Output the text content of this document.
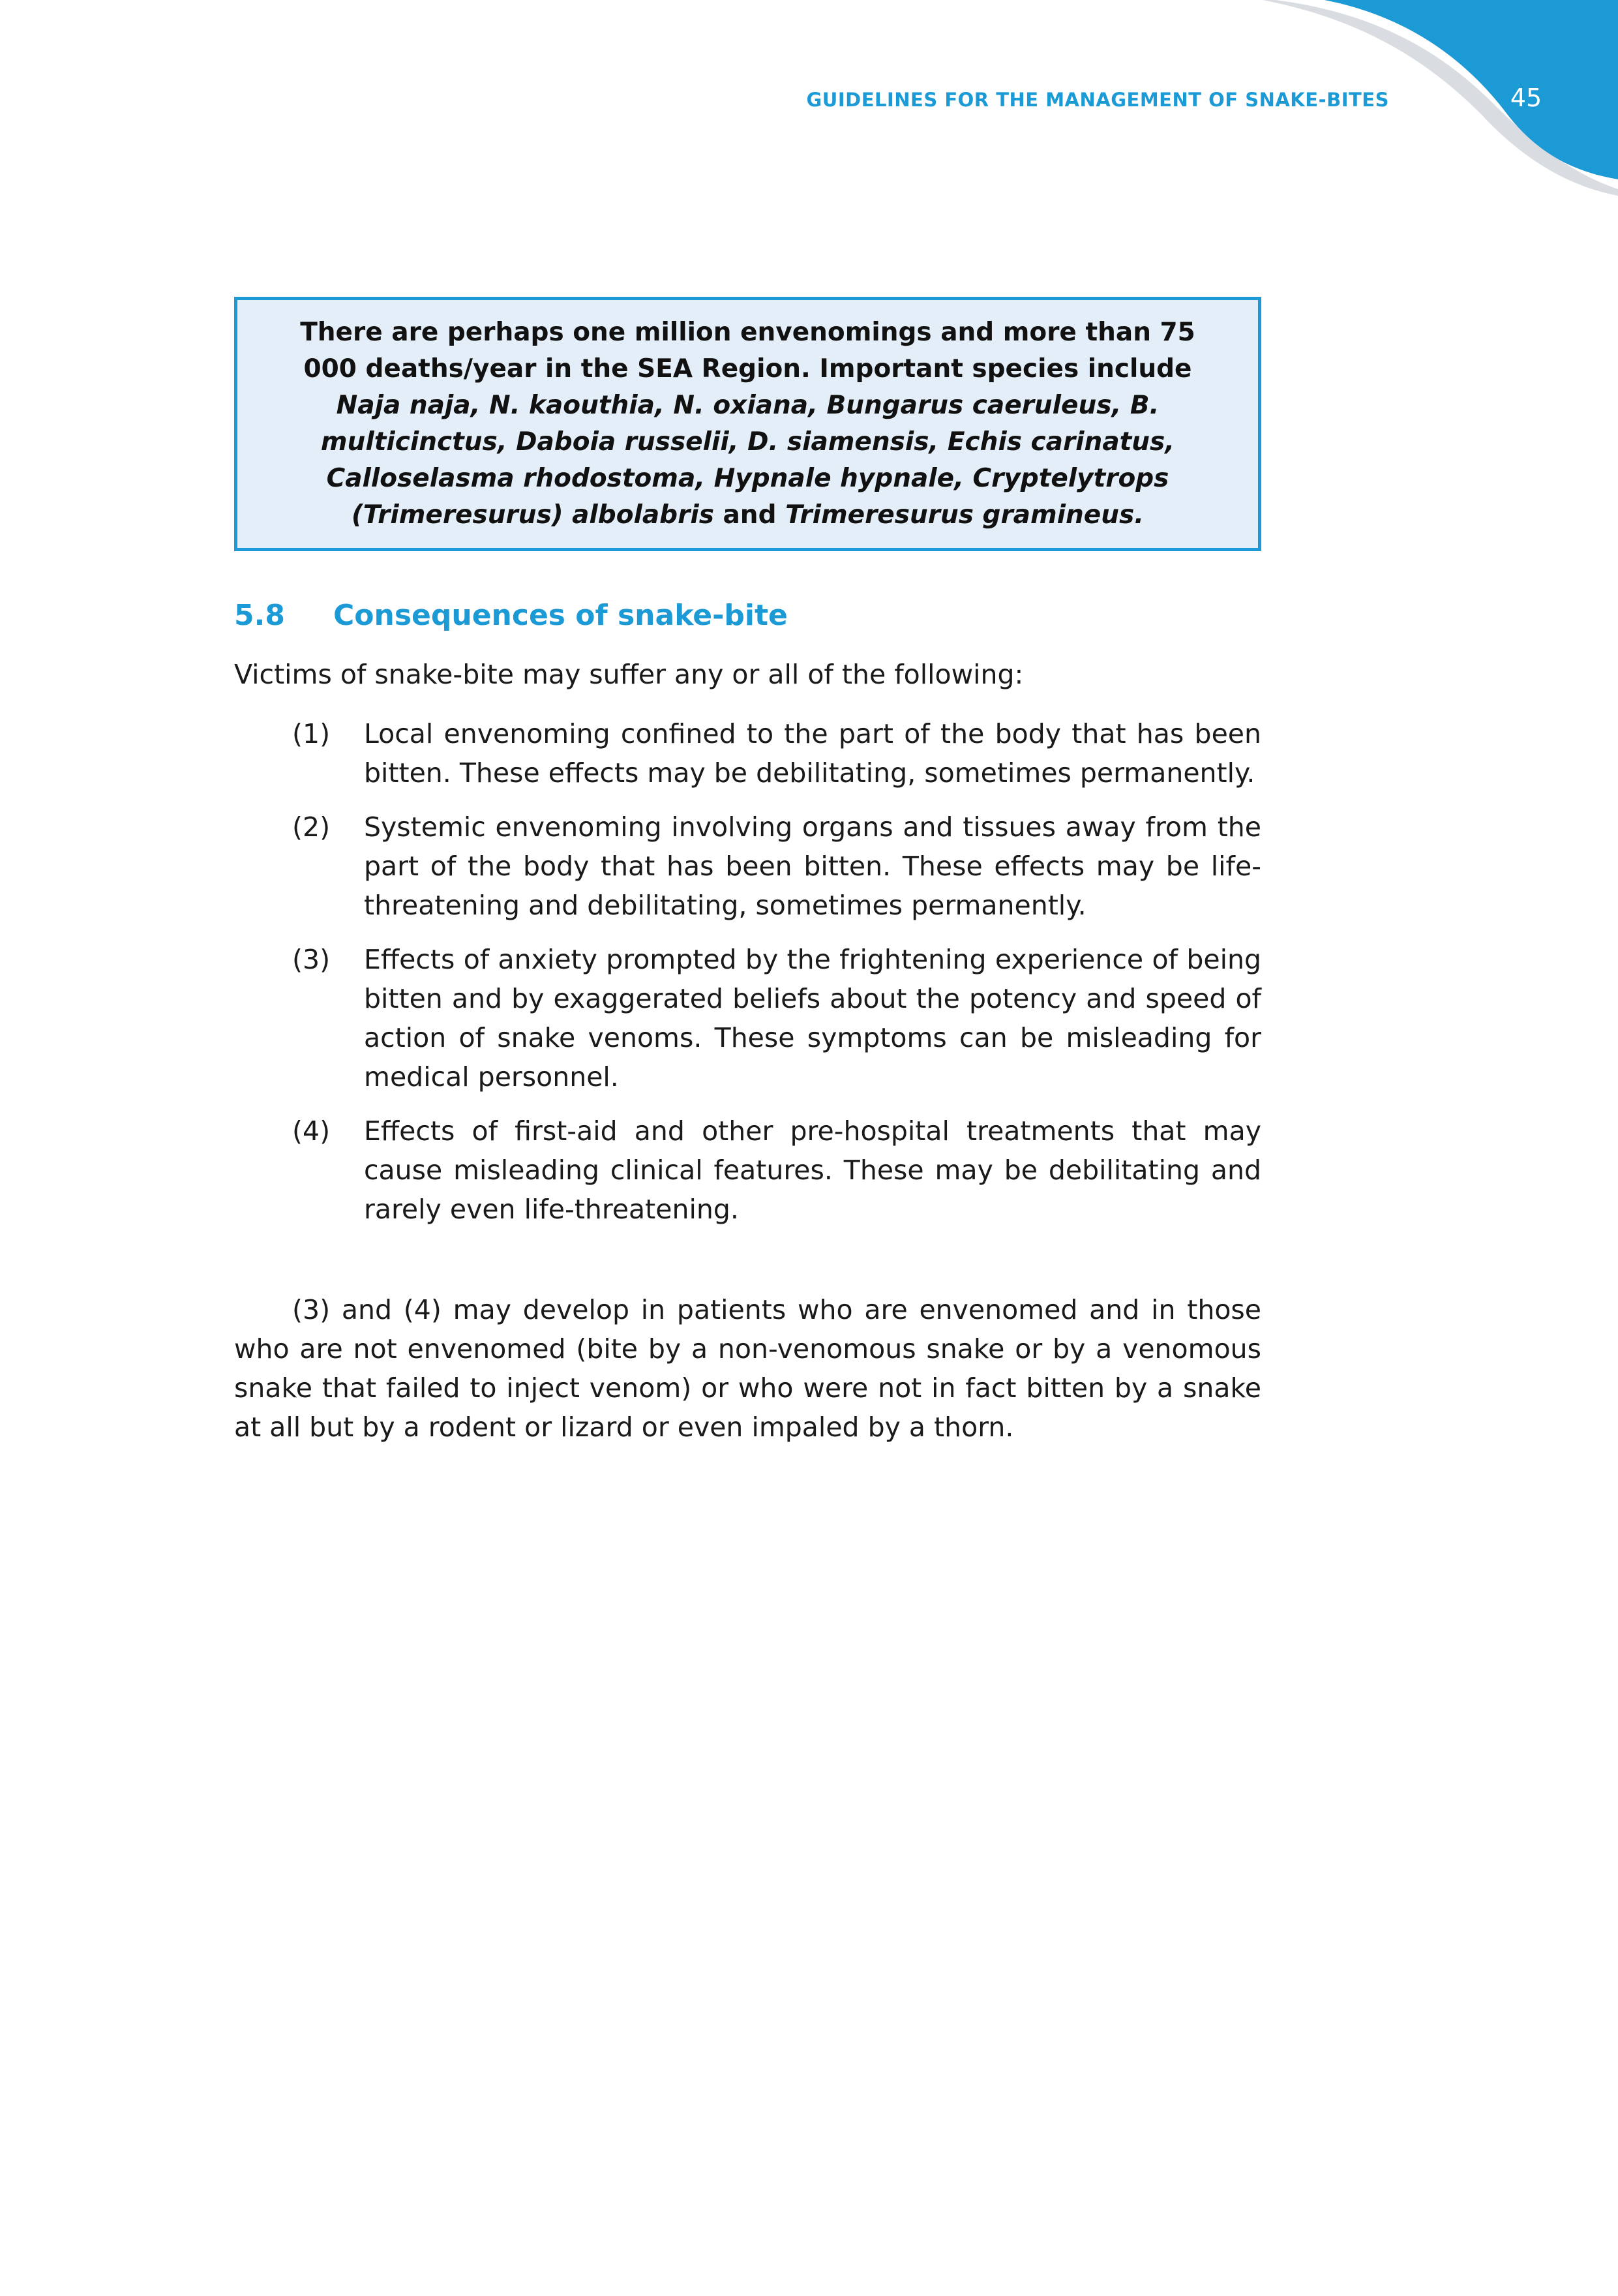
GUIDELINES FOR THE MANAGEMENT OF SNAKE-BITES	45

There are perhaps one million envenomings and more than 75 000 deaths/year in the SEA Region. Important species include Naja naja, N. kaouthia, N. oxiana, Bungarus caeruleus, B. multicinctus, Daboia russelii, D. siamensis, Echis carinatus, Calloselasma rhodostoma, Hypnale hypnale, Cryptelytrops (Trimeresurus) albolabris and Trimeresurus gramineus.

5.8 Consequences of snake-bite

Victims of snake-bite may suffer any or all of the following:

(1)	Local envenoming confined to the part of the body that has been bitten. These effects may be debilitating, sometimes permanently.
(2)	Systemic envenoming involving organs and tissues away from the part of the body that has been bitten. These effects may be life-threatening and debilitating, sometimes permanently.
(3)	Effects of anxiety prompted by the frightening experience of being bitten and by exaggerated beliefs about the potency and speed of action of snake venoms. These symptoms can be misleading for medical personnel.
(4)	Effects of first-aid and other pre-hospital treatments that may cause misleading clinical features. These may be debilitating and rarely even life-threatening.

(3) and (4) may develop in patients who are envenomed and in those who are not envenomed (bite by a non-venomous snake or by a venomous snake that failed to inject venom) or who were not in fact bitten by a snake at all but by a rodent or lizard or even impaled by a thorn.
